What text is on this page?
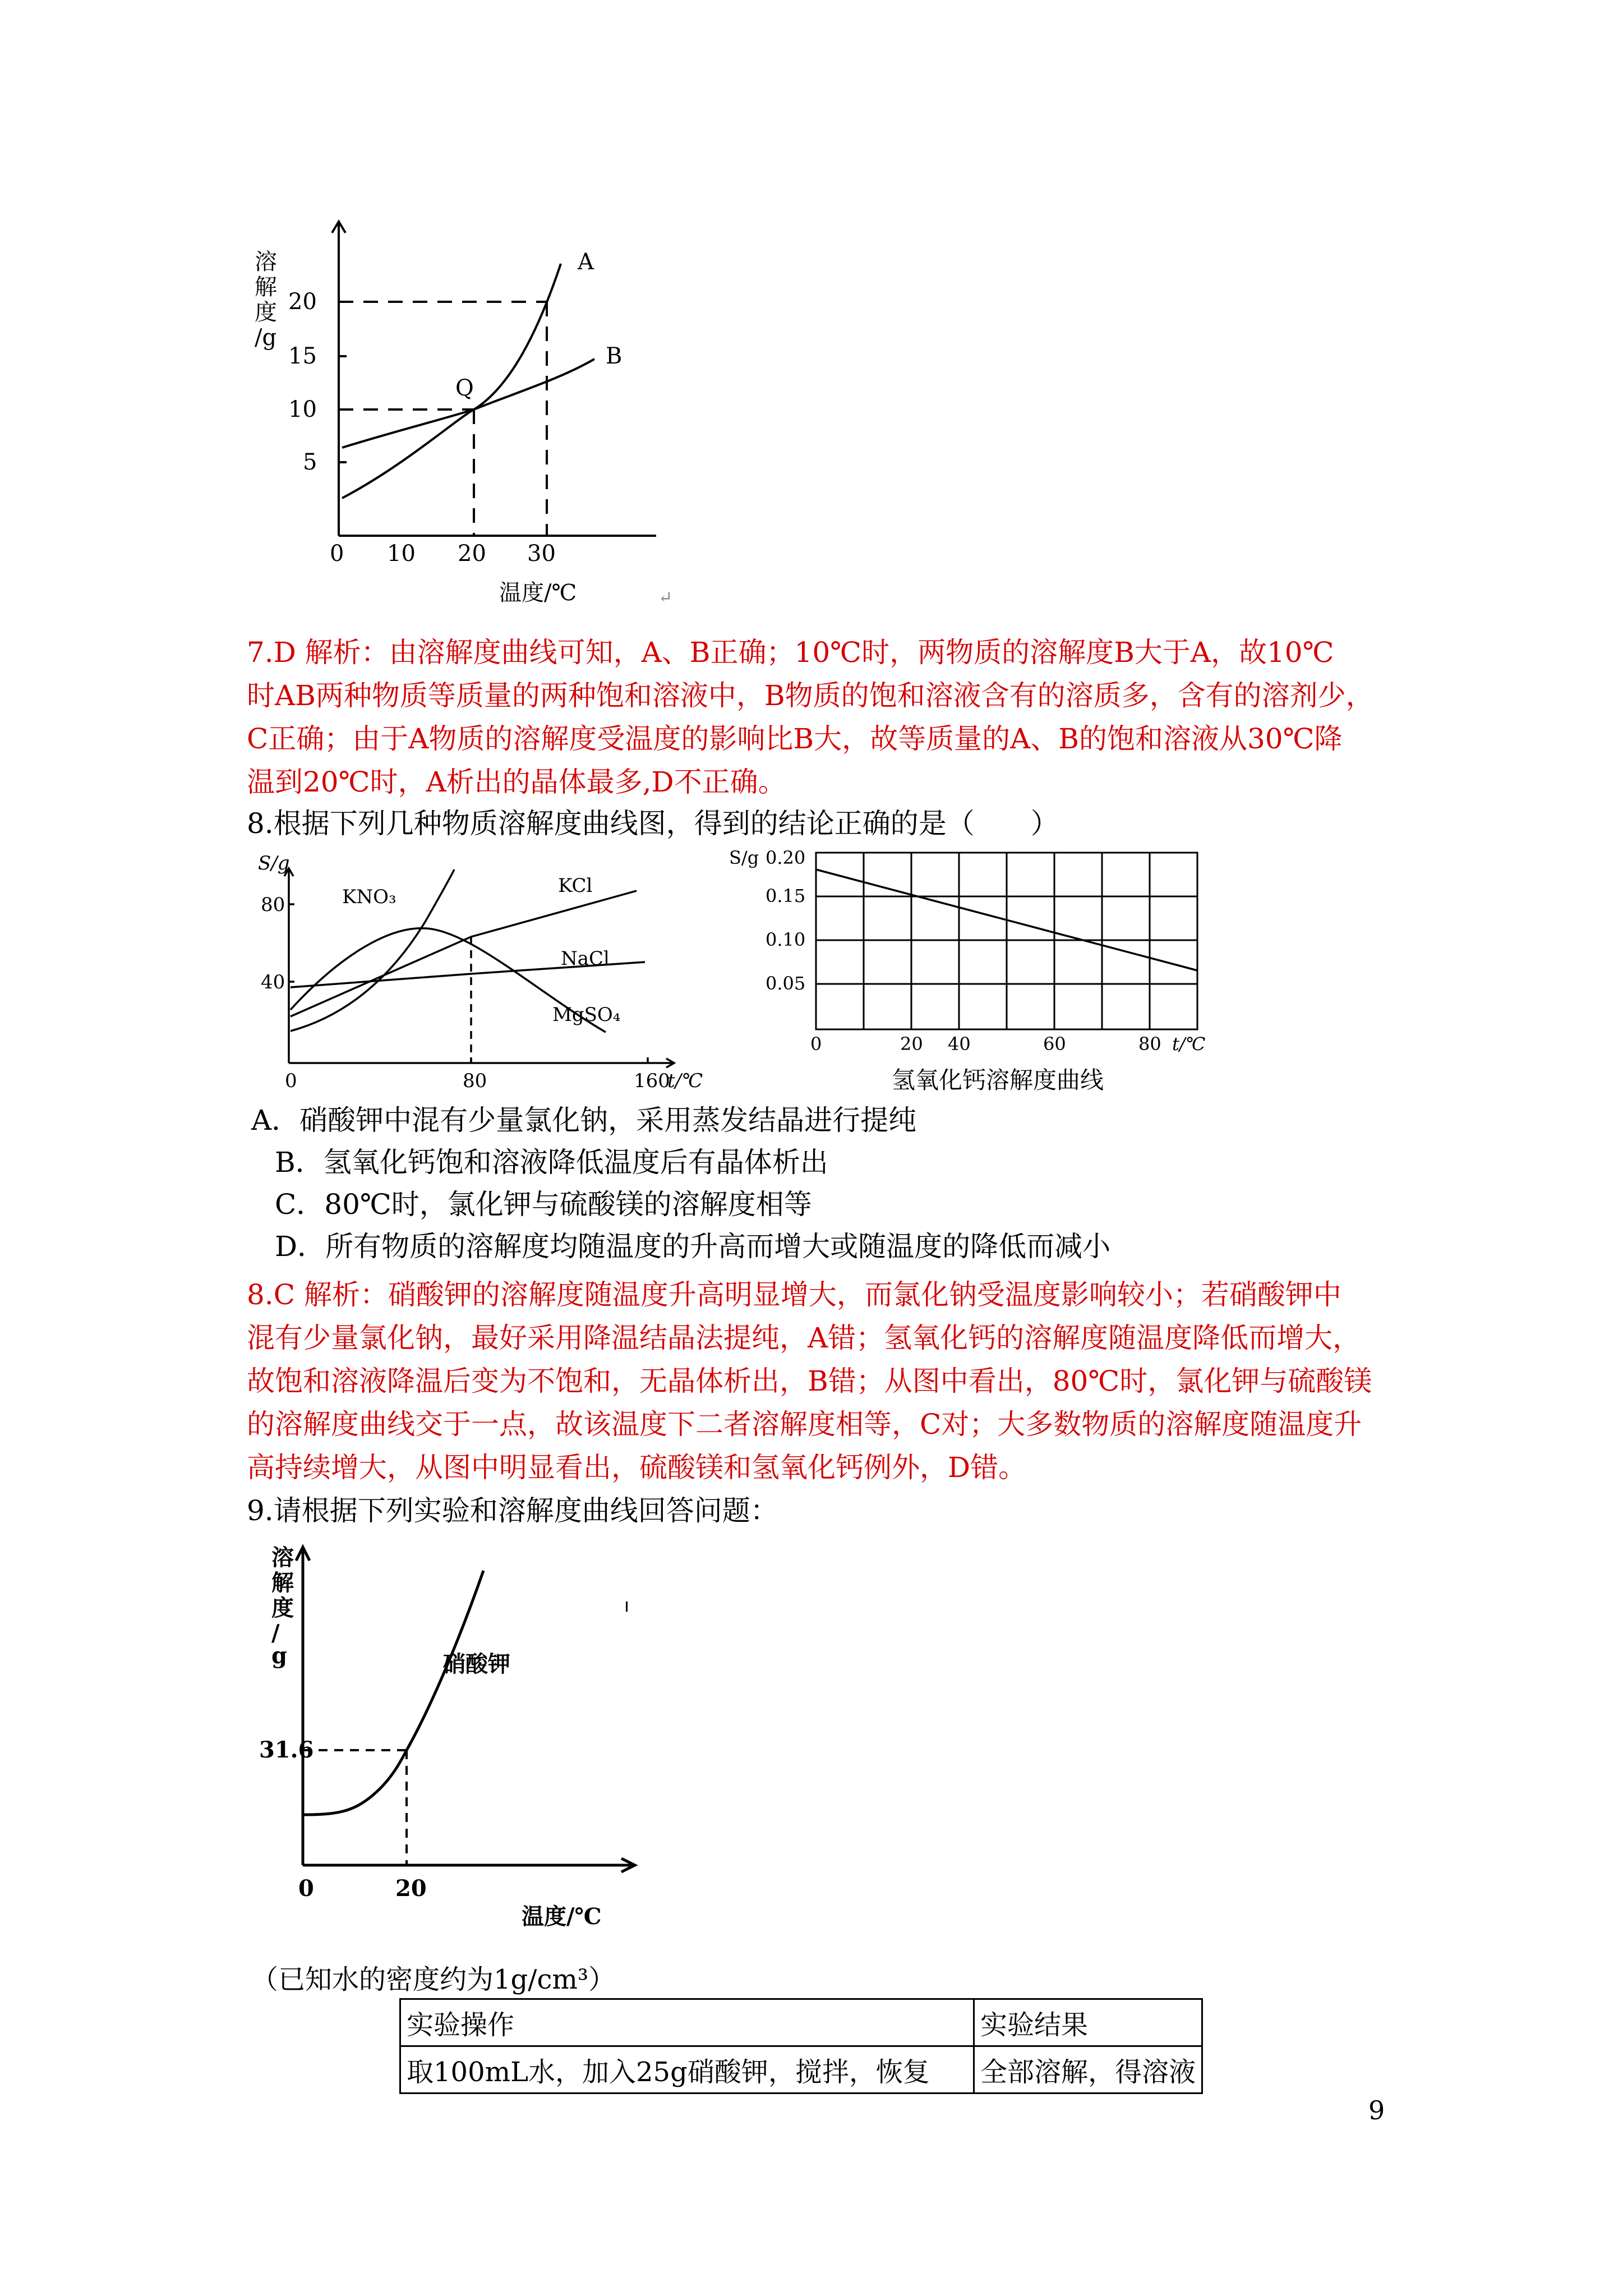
溶
解
度
/g
5
10
15
20
0 10 20 30
温度/℃
Q
A
B
↵
7.D 解析：由溶解度曲线可知，A、B正确；10℃时，两物质的溶解度B大于A，故10℃
时AB两种物质等质量的两种饱和溶液中，B物质的饱和溶液含有的溶质多，含有的溶剂少，
C正确；由于A物质的溶解度受温度的影响比B大，故等质量的A、B的饱和溶液从30℃降
温到20℃时，A析出的晶体最多,D不正确。
8.根据下列几种物质溶解度曲线图，得到的结论正确的是（　　）
S/g
80
40
0	80	160
t/℃
KNO₃	KCl
NaCl
MgSO₄
S/g 0.20
0.15
0.10
0.05
0	20 40	60	80 t/℃
氢氧化钙溶解度曲线

A．硝酸钾中混有少量氯化钠，采用蒸发结晶进行提纯

B．氢氧化钙饱和溶液降低温度后有晶体析出

C．80℃时，氯化钾与硫酸镁的溶解度相等

D．所有物质的溶解度均随温度的升高而增大或随温度的降低而减小

8.C 解析：硝酸钾的溶解度随温度升高明显增大，而氯化钠受温度影响较小；若硝酸钾中
混有少量氯化钠，最好采用降温结晶法提纯，A错；氢氧化钙的溶解度随温度降低而增大，
故饱和溶液降温后变为不饱和，无晶体析出，B错；从图中看出，80℃时，氯化钾与硫酸镁
的溶解度曲线交于一点，故该温度下二者溶解度相等，C对；大多数物质的溶解度随温度升
高持续增大，从图中明显看出，硫酸镁和氢氧化钙例外，D错。
9.请根据下列实验和溶解度曲线回答问题：
溶
解
度
/
g
31.6
0	20
温度/℃
硝酸钾
（已知水的密度约为1g/cm³）
实验操作	实验结果
取100mL水，加入25g硝酸钾，搅拌，恢复	全部溶解，得溶液
9
